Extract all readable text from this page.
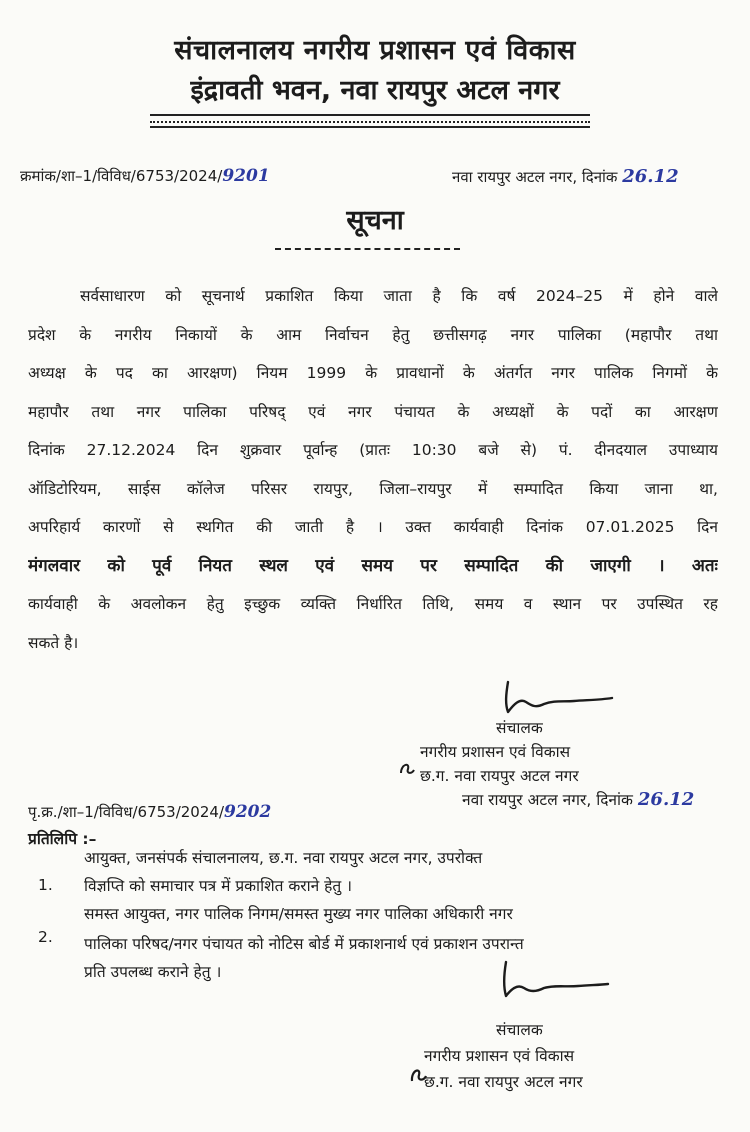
संचालनालय नगरीय प्रशासन एवं विकास
इंद्रावती भवन, नवा रायपुर अटल नगर
क्रमांक/शा–1/विविध/6753/2024/9201	नवा रायपुर अटल नगर, दिनांक 26.12
सूचना
सर्वसाधारण को सूचनार्थ प्रकाशित किया जाता है कि वर्ष 2024–25 में होने वाले
प्रदेश के नगरीय निकायों के आम निर्वाचन हेतु छत्तीसगढ़ नगर पालिका (महापौर तथा
अध्यक्ष के पद का आरक्षण) नियम 1999 के प्रावधानों के अंतर्गत नगर पालिक निगमों के
महापौर तथा नगर पालिका परिषद् एवं नगर पंचायत के अध्यक्षों के पदों का आरक्षण
दिनांक 27.12.2024 दिन शुक्रवार पूर्वान्ह (प्रातः 10:30 बजे से) पं. दीनदयाल उपाध्याय
ऑडिटोरियम, साईस कॉलेज परिसर रायपुर, जिला–रायपुर में सम्पादित किया जाना था,
अपरिहार्य कारणों से स्थगित की जाती है । उक्त कार्यवाही दिनांक 07.01.2025 दिन
मंगलवार को पूर्व नियत स्थल एवं समय पर सम्पादित की जाएगी । अतः
कार्यवाही के अवलोकन हेतु इच्छुक व्यक्ति निर्धारित तिथि, समय व स्थान पर उपस्थित रह
सकते है।
संचालक
नगरीय प्रशासन एवं विकास
छ.ग. नवा रायपुर अटल नगर
नवा रायपुर अटल नगर, दिनांक 26.12
पृ.क्र./शा–1/विविध/6753/2024/9202
प्रतिलिपि :–
1.
आयुक्त, जनसंपर्क संचालनालय, छ.ग. नवा रायपुर अटल नगर, उपरोक्त
विज्ञप्ति को समाचार पत्र में प्रकाशित कराने हेतु ।
2.
समस्त आयुक्त, नगर पालिक निगम/समस्त मुख्य नगर पालिका अधिकारी नगर
पालिका परिषद/नगर पंचायत को नोटिस बोर्ड में प्रकाशनार्थ एवं प्रकाशन उपरान्त
प्रति उपलब्ध कराने हेतु ।
संचालक
नगरीय प्रशासन एवं विकास
छ.ग. नवा रायपुर अटल नगर
